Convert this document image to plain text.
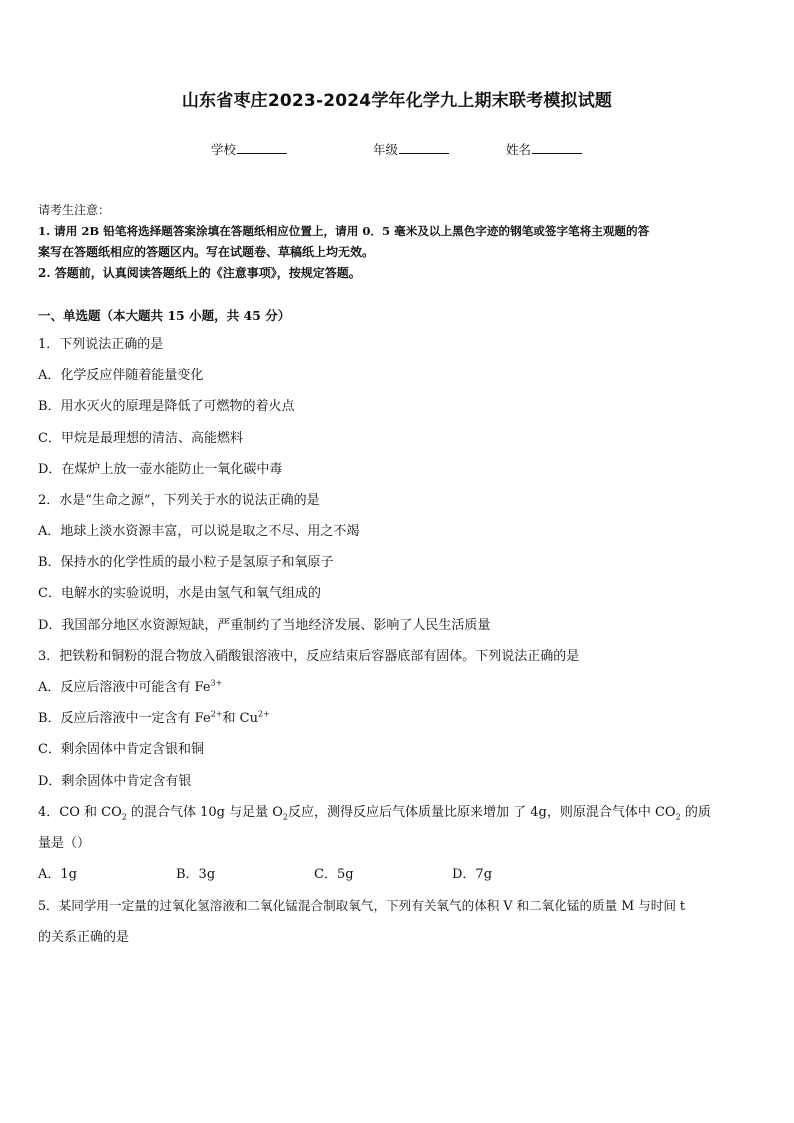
山东省枣庄2023-2024学年化学九上期末联考模拟试题
学校	年级	姓名
请考生注意：
1. 请用 2B 铅笔将选择题答案涂填在答题纸相应位置上，请用 0．5 毫米及以上黑色字迹的钢笔或签字笔将主观题的答
案写在答题纸相应的答题区内。写在试题卷、草稿纸上均无效。
2. 答题前，认真阅读答题纸上的《注意事项》，按规定答题。
一、单选题（本大题共 15 小题，共 45 分）
1．下列说法正确的是
A．化学反应伴随着能量变化
B．用水灭火的原理是降低了可燃物的着火点
C．甲烷是最理想的清洁、高能燃料
D．在煤炉上放一壶水能防止一氧化碳中毒
2．水是“生命之源”，下列关于水的说法正确的是
A．地球上淡水资源丰富，可以说是取之不尽、用之不竭
B．保持水的化学性质的最小粒子是氢原子和氧原子
C．电解水的实验说明，水是由氢气和氧气组成的
D．我国部分地区水资源短缺，严重制约了当地经济发展、影响了人民生活质量
3．把铁粉和铜粉的混合物放入硝酸银溶液中，反应结束后容器底部有固体。下列说法正确的是
A．反应后溶液中可能含有 $Fe^{3+}$
B．反应后溶液中一定含有 $Fe^{2+}$和 $Cu^{2+}$
C．剩余固体中肯定含银和铜
D．剩余固体中肯定含有银
4．CO 和 $CO_2$ 的混合气体 10g 与足量 $O_2$反应，测得反应后气体质量比原来增加 了 4g，则原混合气体中 $CO_2$ 的质
量是（）
A．1g	B．3g	C．5g	D．7g
5．某同学用一定量的过氧化氢溶液和二氧化锰混合制取氧气，下列有关氧气的体积 V 和二氧化锰的质量 M 与时间 t
的关系正确的是
